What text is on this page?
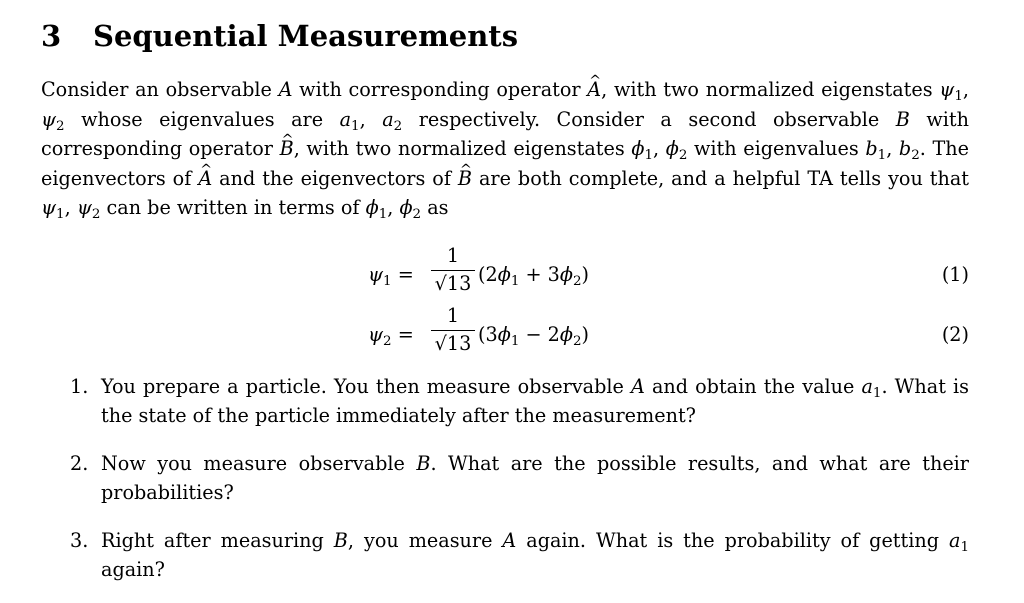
3 Sequential Measurements

Consider an observable A with corresponding operator ^ A, with two normalized eigenstates $\psi_1$, $\psi_2$ whose eigenvalues are $a_1$, $a_2$ respectively. Consider a second observable B with corresponding operator ^ B, with two normalized eigenstates $\phi_1$, $\phi_2$ with eigenvalues $b_1$, $b_2$. The eigenvectors of ^ A and the eigenvectors of ^ B are both complete, and a helpful TA tells you that $\psi_1$, $\psi_2$ can be written in terms of $\phi_1$, $\phi_2$ as

$\psi_1$ =
1
√13 $(2\phi_1 + 3\phi_2)$	(1)
$\psi_2$ =
1
√13 $(3\phi_1 - 2\phi_2)$	(2)
1. You prepare a particle. You then measure observable A and obtain the value $a_1$. What is the state of the particle immediately after the measurement?
2. Now you measure observable B. What are the possible results, and what are their probabilities?
3. Right after measuring B, you measure A again. What is the probability of getting $a_1$ again?
